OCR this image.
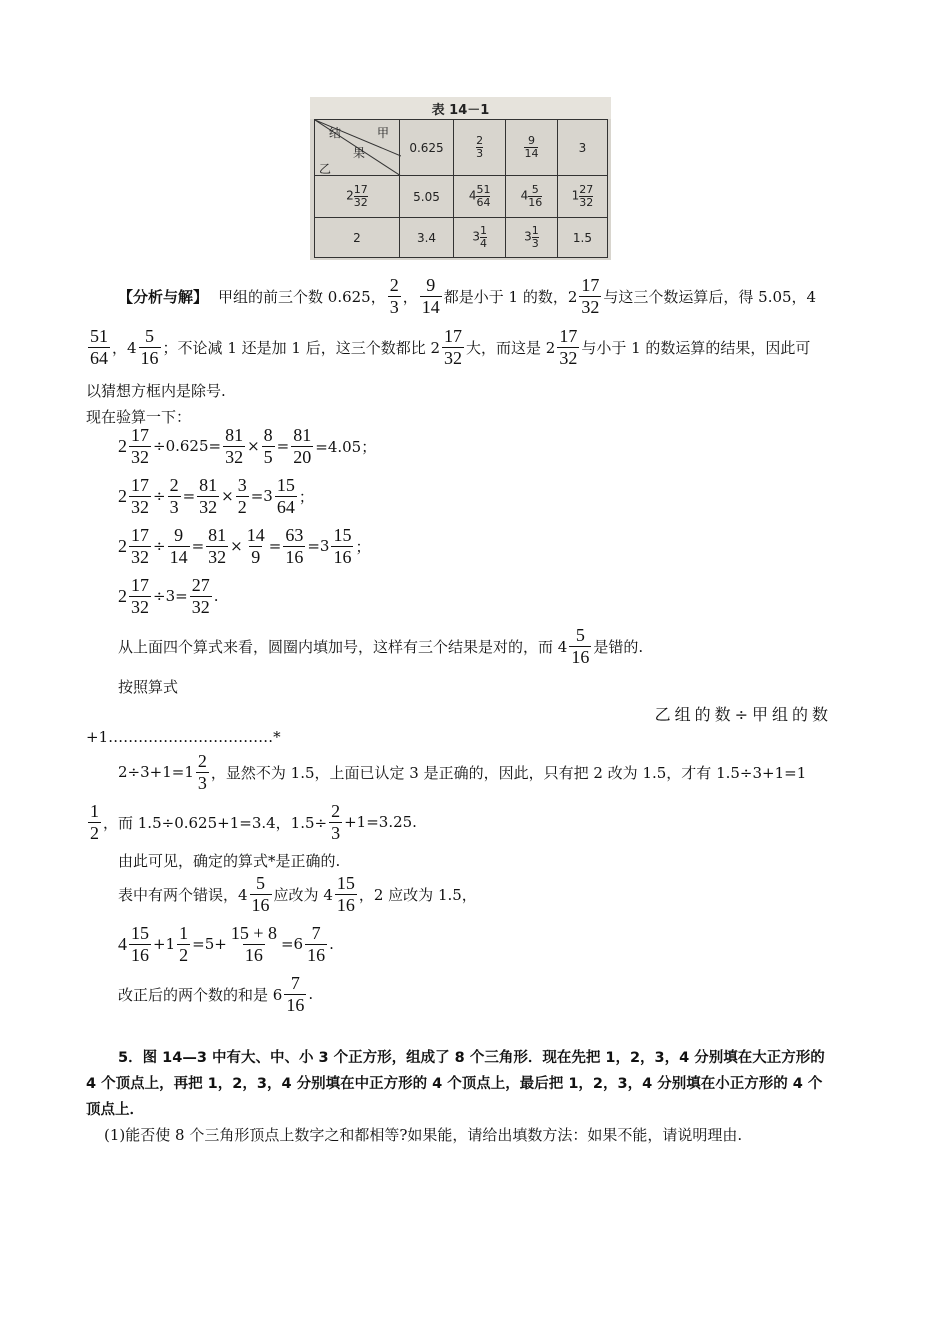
表 14－1
结 甲
果
乙	0.625	$\frac{2}{3}$	$\frac{9}{14}$	3
$2 \frac{17}{32}$	5.05	$4 \frac{51}{64}$	$4 \frac{5}{16}$	$1 \frac{27}{32}$

2	3.4	$3 \frac{1}{4}$	$3 \frac{1}{3}$	1.5
【分析与解】 甲组的前三个数 0.625， $\frac{2}{3}$ ， $\frac{9}{14}$ 都是小于 1 的数，$2 \frac{17}{32}$ 与这三个数运算后，得 5.05，4
$\frac{51}{64}$ ，$4 \frac{5}{16}$ ；不论减 1 还是加 1 后，这三个数都比 $2 \frac{17}{32}$ 大，而这是 $2 \frac{17}{32}$ 与小于 1 的数运算的结果，因此可
以猜想方框内是除号.
现在验算一下：
$2 \frac{17}{32} \div 0.625= \frac{81}{32} \times \frac{8}{5} = \frac{81}{20} =4.05$；
$2 \frac{17}{32} \div \frac{2}{3} = \frac{81}{32} \times \frac{3}{2} =3 \frac{15}{64}$ ；
$2 \frac{17}{32} \div \frac{9}{14} = \frac{81}{32} \times \frac{14}{9} = \frac{63}{16} =3 \frac{15}{16}$ ；
$2 \frac{17}{32} \div 3= \frac{27}{32}$ .
从上面四个算式来看，圆圈内填加号，这样有三个结果是对的，而 $4 \frac{5}{16}$ 是错的.
按照算式
乙组的数÷甲组的数
+1……………………………*
$2\div 3+1=1 \frac{2}{3}$ ，显然不为 1.5，上面已认定 3 是正确的，因此，只有把 2 改为 1.5，才有 1.5÷3+1=1
$\frac{1}{2}$ ，而 1.5÷0.625+1=3.4，$1.5\div \frac{2}{3} +1=3.25$.
由此可见，确定的算式*是正确的.
表中有两个错误，$4 \frac{5}{16}$ 应改为 $4 \frac{15}{16}$ ，2 应改为 1.5，
$4 \frac{15}{16} +1 \frac{1}{2} =5+ \frac{15 + 8}{16} =6 \frac{7}{16}$ .
改正后的两个数的和是 $6 \frac{7}{16}$ .
5．图 14—3 中有大、中、小 3 个正方形，组成了 8 个三角形．现在先把 1，2，3，4 分别填在大正方形的
4 个顶点上，再把 1，2，3，4 分别填在中正方形的 4 个顶点上，最后把 1，2，3，4 分别填在小正方形的 4 个
顶点上．
(1)能否使 8 个三角形顶点上数字之和都相等?如果能，请给出填数方法：如果不能，请说明理由.
